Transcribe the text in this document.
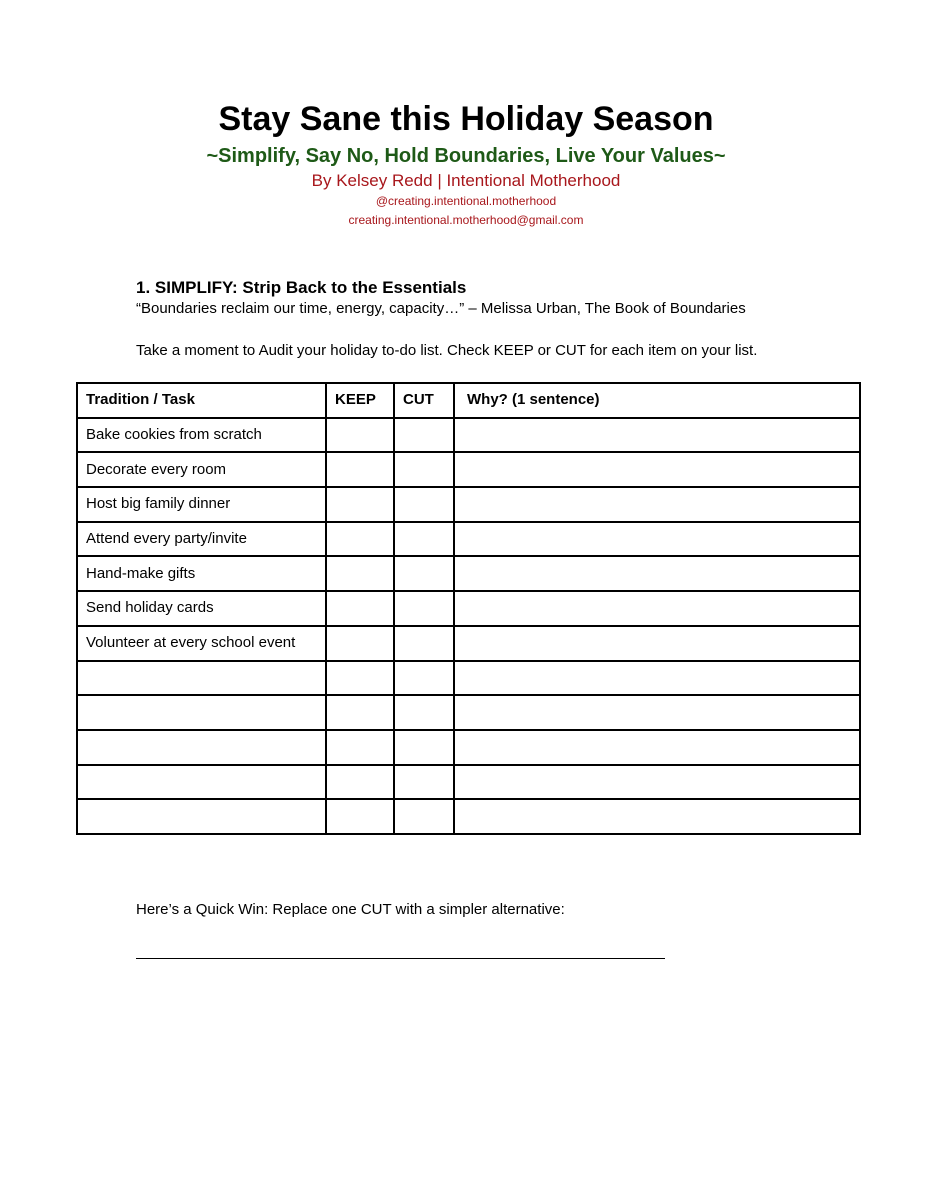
Stay Sane this Holiday Season
~Simplify, Say No, Hold Boundaries, Live Your Values~
By Kelsey Redd | Intentional Motherhood
@creating.intentional.motherhood
creating.intentional.motherhood@gmail.com
1. SIMPLIFY: Strip Back to the Essentials
“Boundaries reclaim our time, energy, capacity…” – Melissa Urban, The Book of Boundaries
Take a moment to Audit your holiday to-do list. Check KEEP or CUT for each item on your list.
Tradition / Task	KEEP	CUT	Why? (1 sentence)
Bake cookies from scratch			
Decorate every room			
Host big family dinner			
Attend every party/invite			
Hand-make gifts			
Send holiday cards			
Volunteer at every school event			

Here’s a Quick Win: Replace one CUT with a simpler alternative:
